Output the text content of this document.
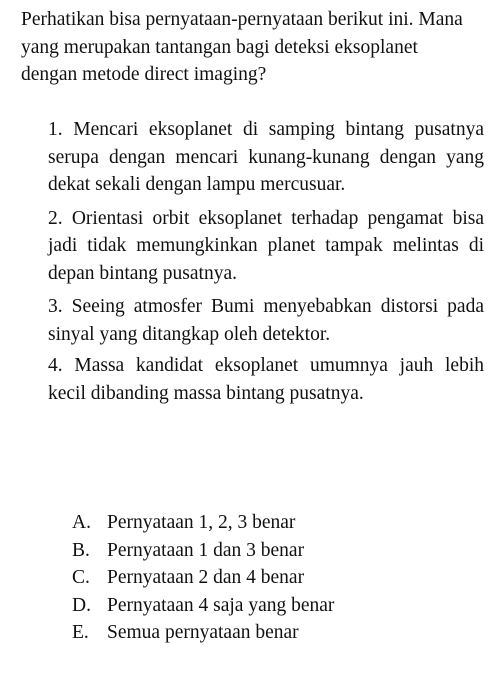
Perhatikan bisa pernyataan-pernyataan berikut ini. Mana yang merupakan tantangan bagi deteksi eksoplanet dengan metode direct imaging?

1. Mencari eksoplanet di samping bintang pusatnya serupa dengan mencari kunang-kunang dengan yang dekat sekali dengan lampu mercusuar.
2. Orientasi orbit eksoplanet terhadap pengamat bisa jadi tidak memungkinkan planet tampak melintas di depan bintang pusatnya.
3. Seeing atmosfer Bumi menyebabkan distorsi pada sinyal yang ditangkap oleh detektor.
4. Massa kandidat eksoplanet umumnya jauh lebih kecil dibanding massa bintang pusatnya.
A. Pernyataan 1, 2, 3 benar
B. Pernyataan 1 dan 3 benar
C. Pernyataan 2 dan 4 benar
D. Pernyataan 4 saja yang benar
E. Semua pernyataan benar
